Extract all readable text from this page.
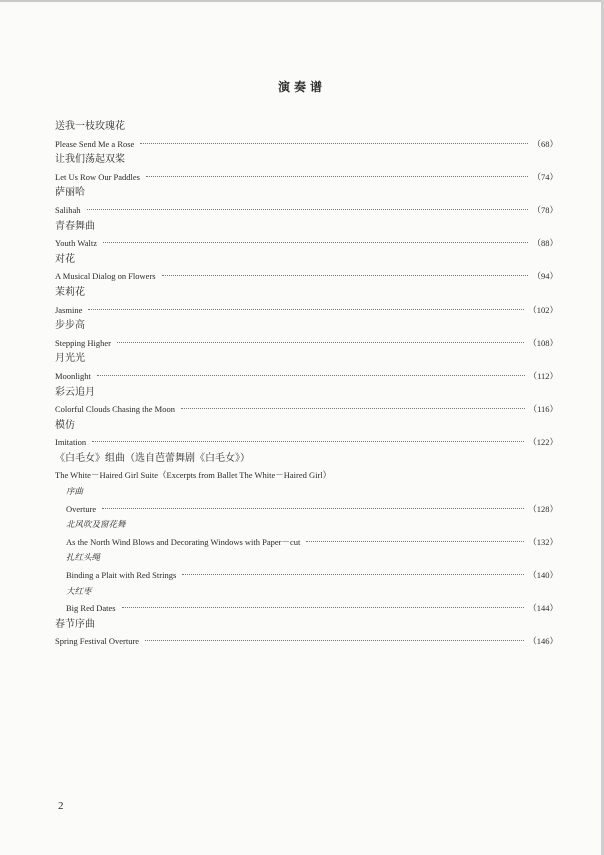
演奏谱
送我一枝玫瑰花
Please Send Me a Rose	（68）
让我们荡起双桨
Let Us Row Our Paddles	（74）
萨丽哈
Salihah	（78）
青春舞曲
Youth Waltz	（88）
对花
A Musical Dialog on Flowers	（94）
茉莉花
Jasmine	（102）
步步高
Stepping Higher	（108）
月光光
Moonlight	（112）
彩云追月
Colorful Clouds Chasing the Moon	（116）
模仿
Imitation	（122）
《白毛女》组曲（选自芭蕾舞剧《白毛女》）
The White－Haired Girl Suite（Excerpts from Ballet The White－Haired Girl）
序曲
Overture	（128）
北风吹及窗花舞
As the North Wind Blows and Decorating Windows with Paper－cut	（132）
扎红头绳
Binding a Plait with Red Strings	（140）
大红枣
Big Red Dates	（144）
春节序曲
Spring Festival Overture	（146）
2
